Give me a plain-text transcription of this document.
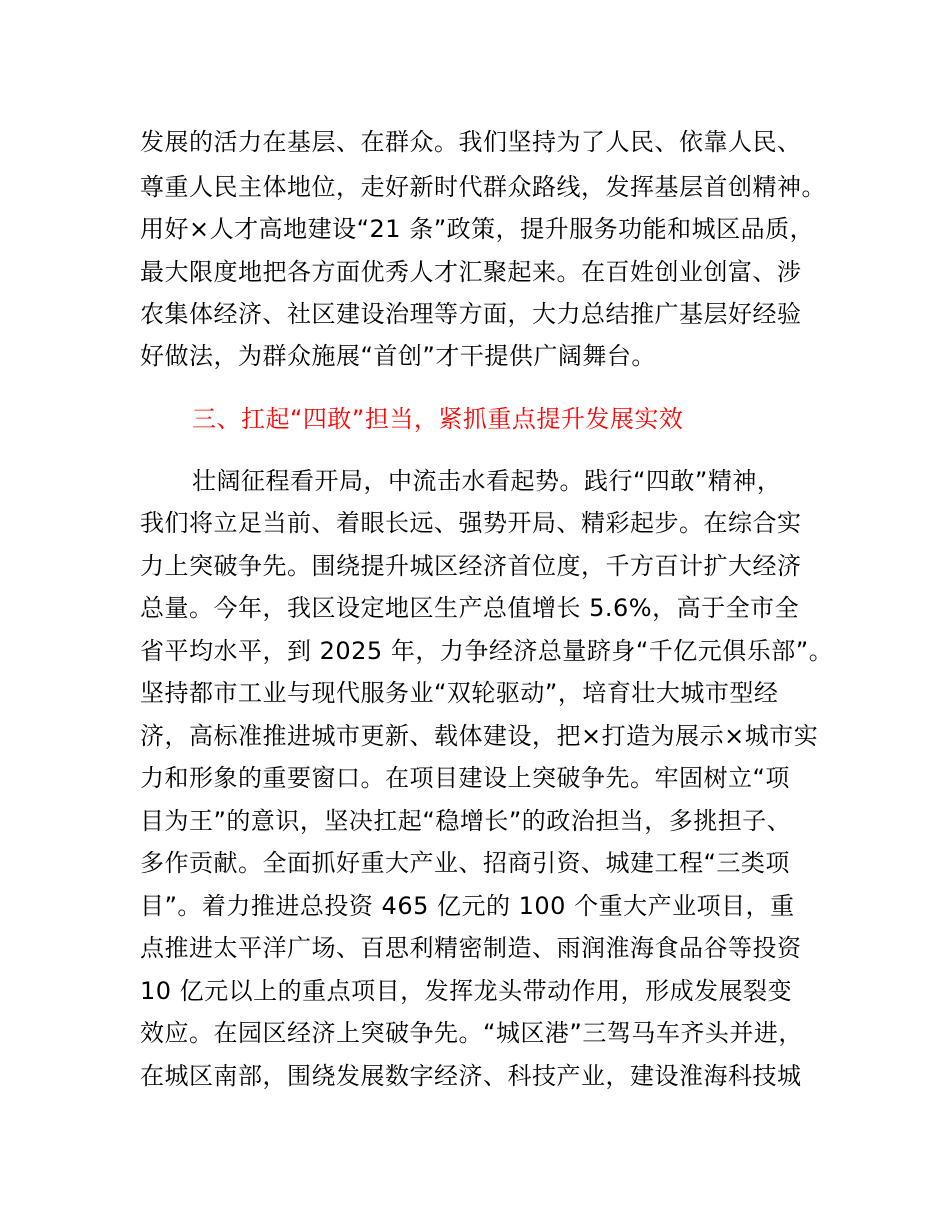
发展的活力在基层、在群众。我们坚持为了人民、依靠人民、
尊重人民主体地位，走好新时代群众路线，发挥基层首创精神。
用好×人才高地建设“21 条”政策，提升服务功能和城区品质，
最大限度地把各方面优秀人才汇聚起来。在百姓创业创富、涉
农集体经济、社区建设治理等方面，大力总结推广基层好经验
好做法，为群众施展“首创”才干提供广阔舞台。
三、扛起“四敢”担当，紧抓重点提升发展实效
壮阔征程看开局，中流击水看起势。践行“四敢”精神，
我们将立足当前、着眼长远、强势开局、精彩起步。在综合实
力上突破争先。围绕提升城区经济首位度，千方百计扩大经济
总量。今年，我区设定地区生产总值增长 5.6%，高于全市全
省平均水平，到 2025 年，力争经济总量跻身“千亿元俱乐部”。
坚持都市工业与现代服务业“双轮驱动”，培育壮大城市型经
济，高标准推进城市更新、载体建设，把×打造为展示×城市实
力和形象的重要窗口。在项目建设上突破争先。牢固树立“项
目为王”的意识，坚决扛起“稳增长”的政治担当，多挑担子、
多作贡献。全面抓好重大产业、招商引资、城建工程“三类项
目”。着力推进总投资 465 亿元的 100 个重大产业项目，重
点推进太平洋广场、百思利精密制造、雨润淮海食品谷等投资
10 亿元以上的重点项目，发挥龙头带动作用，形成发展裂变
效应。在园区经济上突破争先。“城区港”三驾马车齐头并进，
在城区南部，围绕发展数字经济、科技产业，建设淮海科技城
